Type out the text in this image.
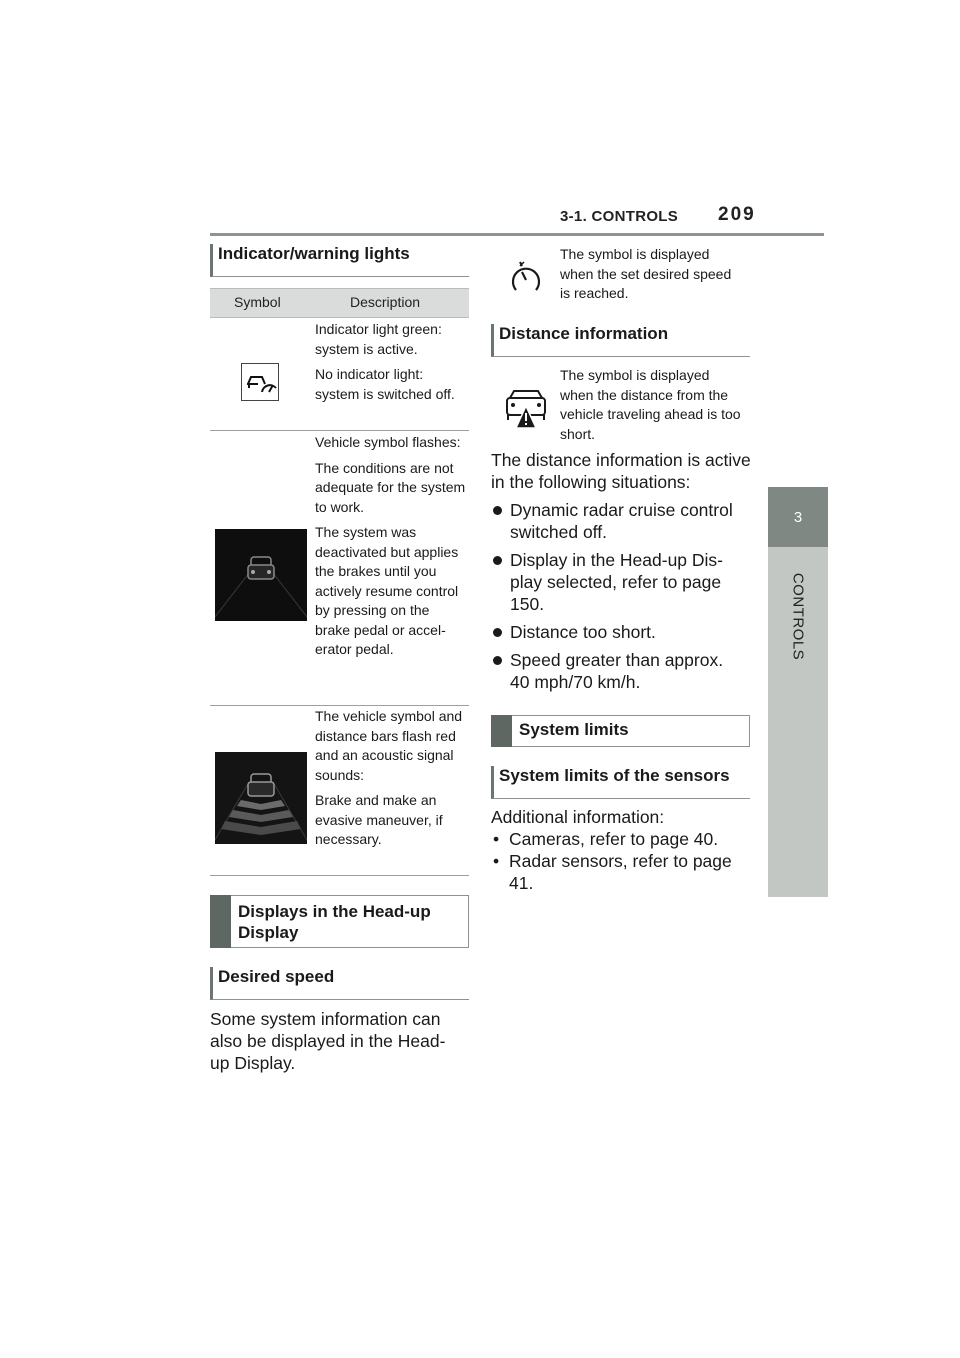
3-1. CONTROLS 209
3
CONTROLS
Indicator/warning lights
Symbol	Description

Indicator light green: system is active.

No indicator light: system is switched off.

Vehicle symbol flashes:

The conditions are not adequate for the system to work.

The system was deactivated but applies the brakes until you actively resume control by pressing on the brake pedal or accel- erator pedal.

The vehicle symbol and distance bars flash red and an acoustic signal sounds:

Brake and make an evasive maneuver, if necessary.

Displays in the Head-up Display
Desired speed
Some system information can also be displayed in the Head-up Display.
The symbol is displayed when the set desired speed is reached.
Distance information
The symbol is displayed when the distance from the vehicle traveling ahead is too short.
The distance information is active in the following situations:
Dynamic radar cruise control switched off.
Display in the Head-up Dis- play selected, refer to page 150.
Distance too short.
Speed greater than approx. 40 mph/70 km/h.
System limits
System limits of the sensors
Additional information:
• Cameras, refer to page 40.
• Radar sensors, refer to page 41.
